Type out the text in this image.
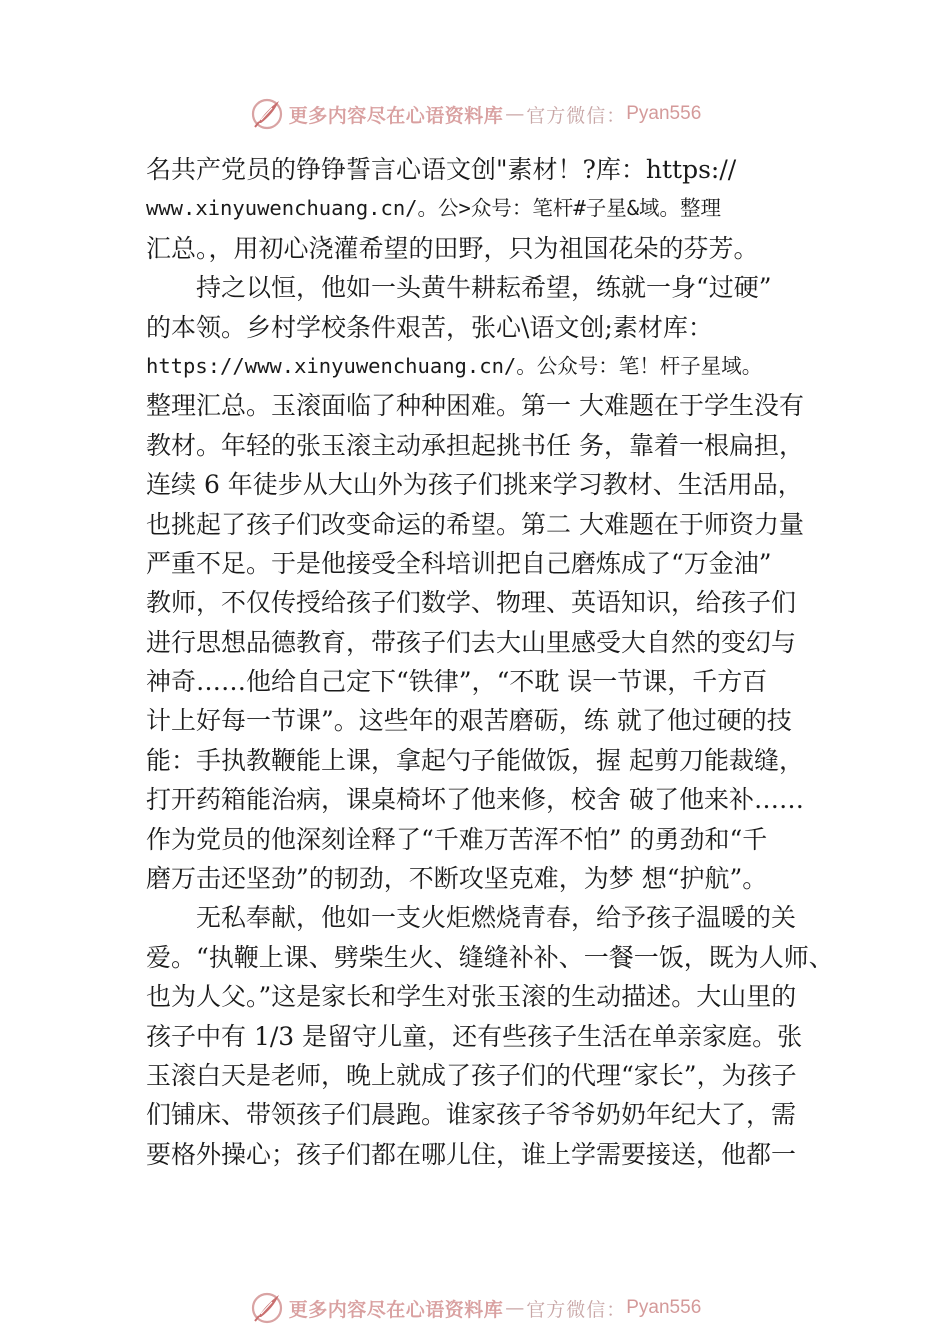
更多内容尽在心语资料库 — 官方微信： Pyan556
名共产党员的铮铮誓言心语文创"素材！?库：https://
www.xinyuwenchuang.cn/。公>众号：笔杆#子星&域。整理
汇总。，用初心浇灌希望的田野，只为祖国花朵的芬芳。
持之以恒，他如一头黄牛耕耘希望，练就一身“过硬”
的本领。乡村学校条件艰苦，张心\语文创;素材库：
https://www.xinyuwenchuang.cn/。公众号：笔！杆子星域。
整理汇总。玉滚面临了种种困难。第一 大难题在于学生没有
教材。年轻的张玉滚主动承担起挑书任 务，靠着一根扁担，
连续 6 年徒步从大山外为孩子们挑来学习教材、生活用品，
也挑起了孩子们改变命运的希望。第二 大难题在于师资力量
严重不足。于是他接受全科培训把自己磨炼成了“万金油”
教师，不仅传授给孩子们数学、物理、英语知识，给孩子们
进行思想品德教育，带孩子们去大山里感受大自然的变幻与
神奇……他给自己定下“铁律”，“不耽 误一节课，千方百
计上好每一节课”。这些年的艰苦磨砺，练 就了他过硬的技
能：手执教鞭能上课，拿起勺子能做饭，握 起剪刀能裁缝，
打开药箱能治病，课桌椅坏了他来修，校舍 破了他来补……
作为党员的他深刻诠释了“千难万苦浑不怕” 的勇劲和“千
磨万击还坚劲”的韧劲，不断攻坚克难，为梦 想“护航”。
无私奉献，他如一支火炬燃烧青春，给予孩子温暖的关
爱。“执鞭上课、劈柴生火、缝缝补补、一餐一饭，既为人师、
也为人父。”这是家长和学生对张玉滚的生动描述。大山里的
孩子中有 1/3 是留守儿童，还有些孩子生活在单亲家庭。张
玉滚白天是老师，晚上就成了孩子们的代理“家长”，为孩子
们铺床、带领孩子们晨跑。谁家孩子爷爷奶奶年纪大了，需
要格外操心；孩子们都在哪儿住，谁上学需要接送，他都一
更多内容尽在心语资料库 — 官方微信： Pyan556
